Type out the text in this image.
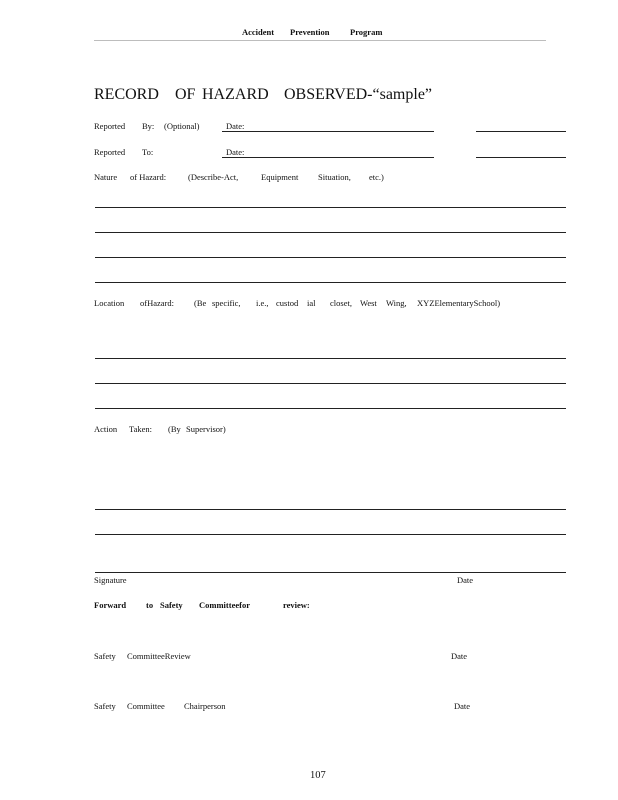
Accident Prevention Program
RECORD OF HAZARD OBSERVED-“sample”
Reported By: (Optional)	Date:
Reported To:	Date:
Nature of Hazard:	(Describe-Act,	Equipment Situation, etc.)
Location ofHazard: (Be specific, i.e., custod ial closet, West Wing, XYZElementarySchool)
Action Taken: (By Supervisor)
Signature	Date
Forward to Safety Committeefor	review:
Safety CommitteeReview	Date
Safety Committee Chairperson	Date
107
